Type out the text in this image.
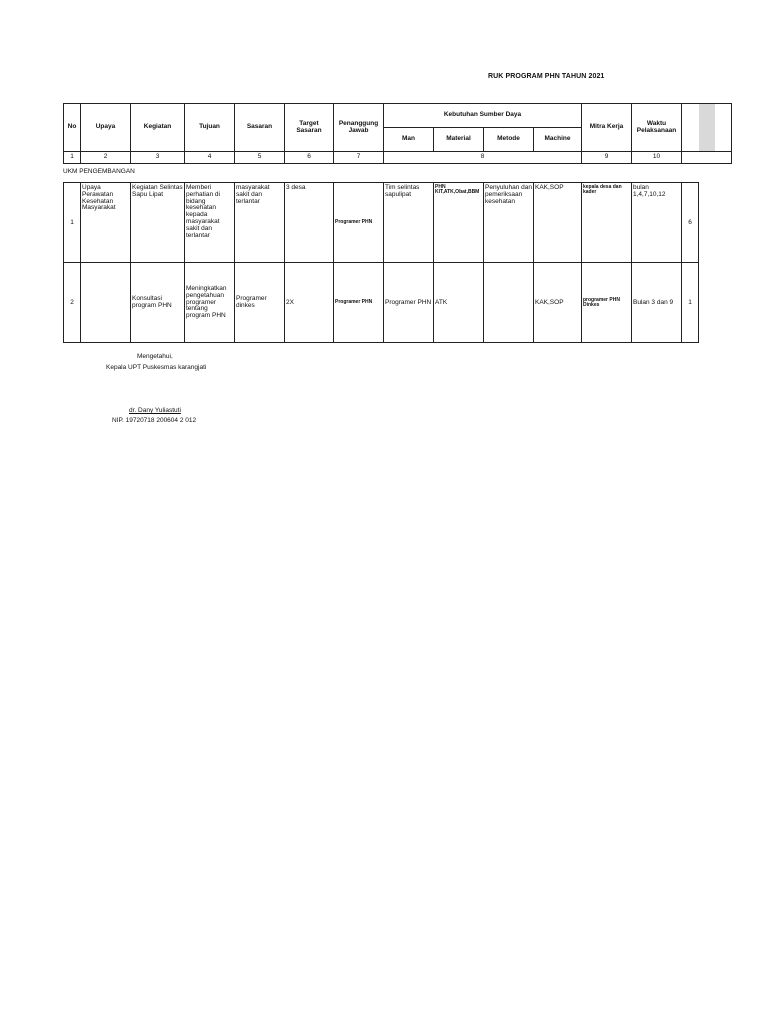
RUK PROGRAM PHN TAHUN 2021
No	Upaya	Kegiatan	Tujuan	Sasaran	Target Sasaran	Penanggung Jawab	Kebutuhan Sumber Daya				Mitra Kerja	Waktu Pelaksanaan	
							Man	Material	Metode	Machine			
1	2	3	4	5	6	7	8				9	10	
UKM PENGEMBANGAN
1	Upaya Perawatan Kesehatan Masyarakat	Kegiatan Selintas Sapu Lipat	Memberi perhatian di bidang kesehatan kepada masyarakat sakit dan terlantar	masyarakat sakit dan terlantar	3 desa	Programer PHN	Tim selintas sapulipat	PHN KIT,ATK,Obat,BBM	Penyuluhan dan pemeriksaan kesehatan	KAK,SOP	kepala desa dan kader	bulan 1,4,7,10,12	6
2		Konsultasi program PHN	Meningkatkan pengetahuan programer tentang program PHN	Programer dinkes	2X	Programer PHN	Programer PHN	ATK		KAK,SOP	programer PHN Dinkes	Bulan 3 dan 9	1
Mengetahui,
Kepala UPT Puskesmas karangjati
dr. Dany Yuliastuti
NIP. 19720718 200604 2 012
